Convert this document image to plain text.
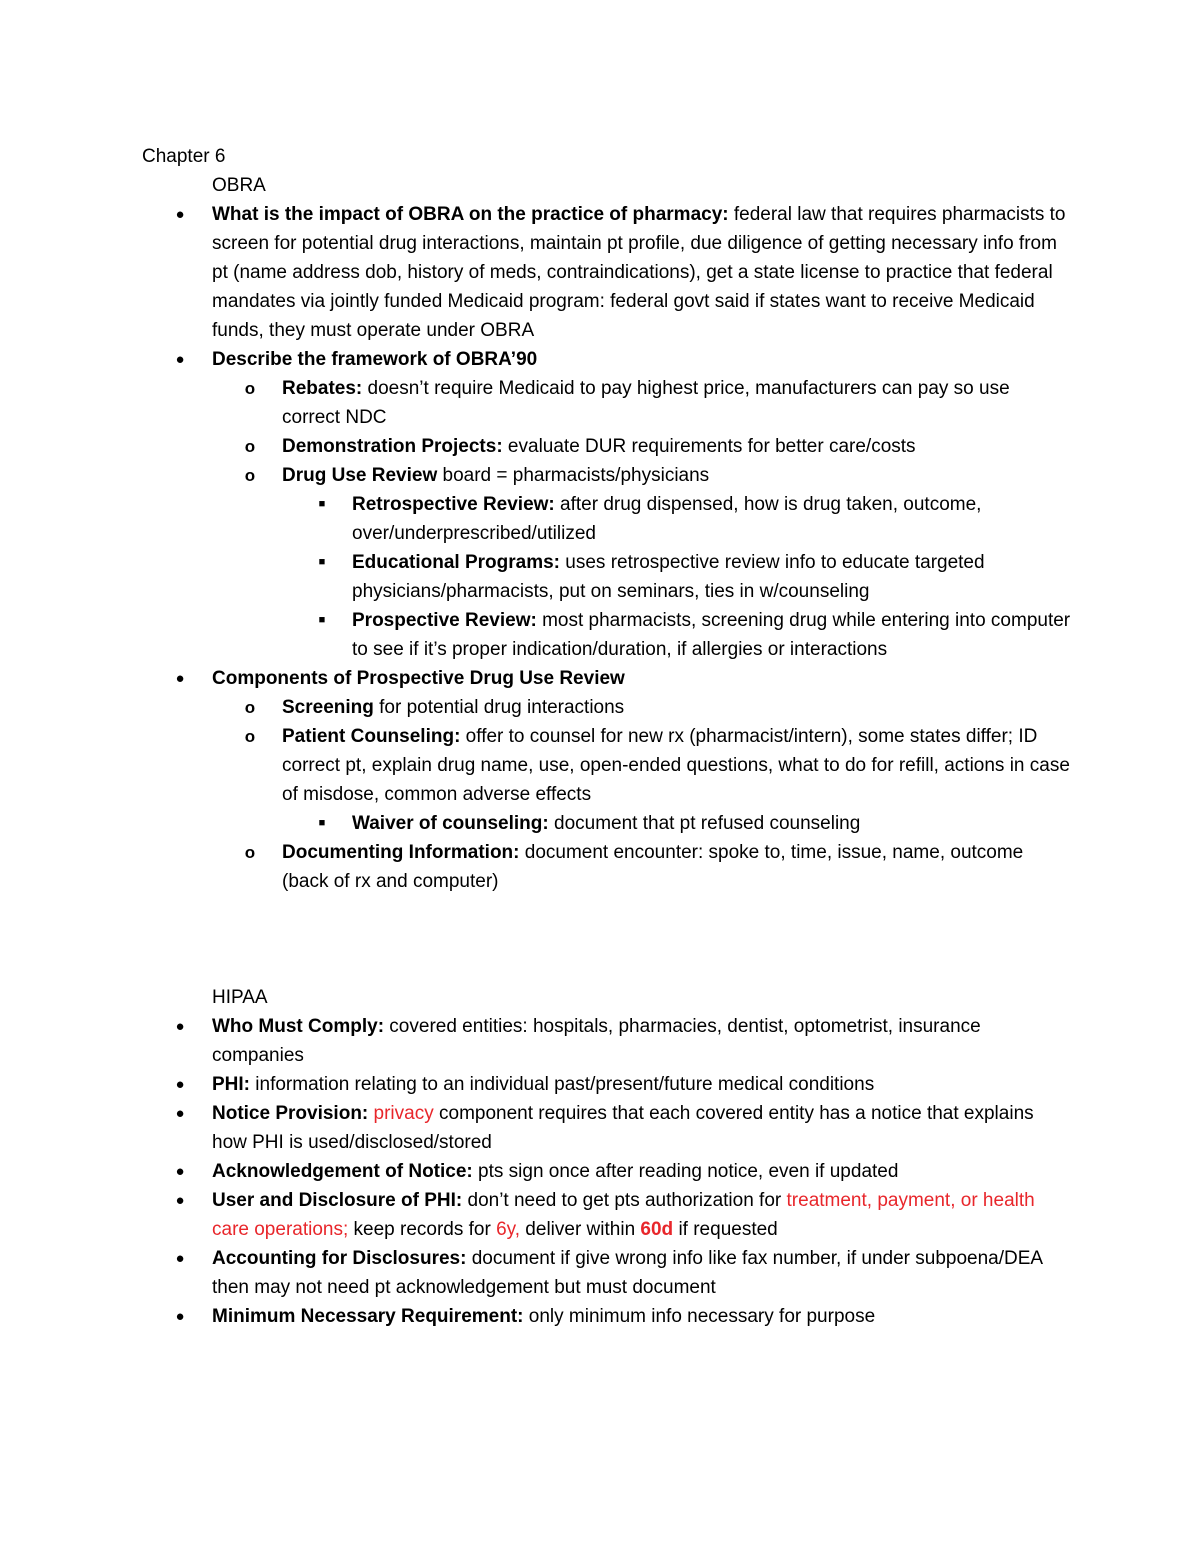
Chapter 6
OBRA
● What is the impact of OBRA on the practice of pharmacy: federal law that requires pharmacists to screen for potential drug interactions, maintain pt profile, due diligence of getting necessary info from pt (name address dob, history of meds, contraindications), get a state license to practice that federal mandates via jointly funded Medicaid program: federal govt said if states want to receive Medicaid funds, they must operate under OBRA
● Describe the framework of OBRA’90
o Rebates: doesn’t require Medicaid to pay highest price, manufacturers can pay so use correct NDC
o Demonstration Projects: evaluate DUR requirements for better care/costs
o Drug Use Review board = pharmacists/physicians
■	Retrospective Review: after drug dispensed, how is drug taken, outcome, over/underprescribed/utilized
■	Educational Programs: uses retrospective review info to educate targeted physicians/pharmacists, put on seminars, ties in w/counseling
■	Prospective Review: most pharmacists, screening drug while entering into computer to see if it’s proper indication/duration, if allergies or interactions
● Components of Prospective Drug Use Review
o Screening for potential drug interactions
o Patient Counseling: offer to counsel for new rx (pharmacist/intern), some states differ; ID correct pt, explain drug name, use, open-ended questions, what to do for refill, actions in case of misdose, common adverse effects
■	Waiver of counseling: document that pt refused counseling
o Documenting Information: document encounter: spoke to, time, issue, name, outcome (back of rx and computer)
HIPAA
● Who Must Comply: covered entities: hospitals, pharmacies, dentist, optometrist, insurance companies
● PHI: information relating to an individual past/present/future medical conditions
● Notice Provision: privacy component requires that each covered entity has a notice that explains how PHI is used/disclosed/stored
● Acknowledgement of Notice: pts sign once after reading notice, even if updated
● User and Disclosure of PHI: don’t need to get pts authorization for treatment, payment, or health care operations; keep records for 6y, deliver within 60d if requested
● Accounting for Disclosures: document if give wrong info like fax number, if under subpoena/DEA then may not need pt acknowledgement but must document
● Minimum Necessary Requirement: only minimum info necessary for purpose
